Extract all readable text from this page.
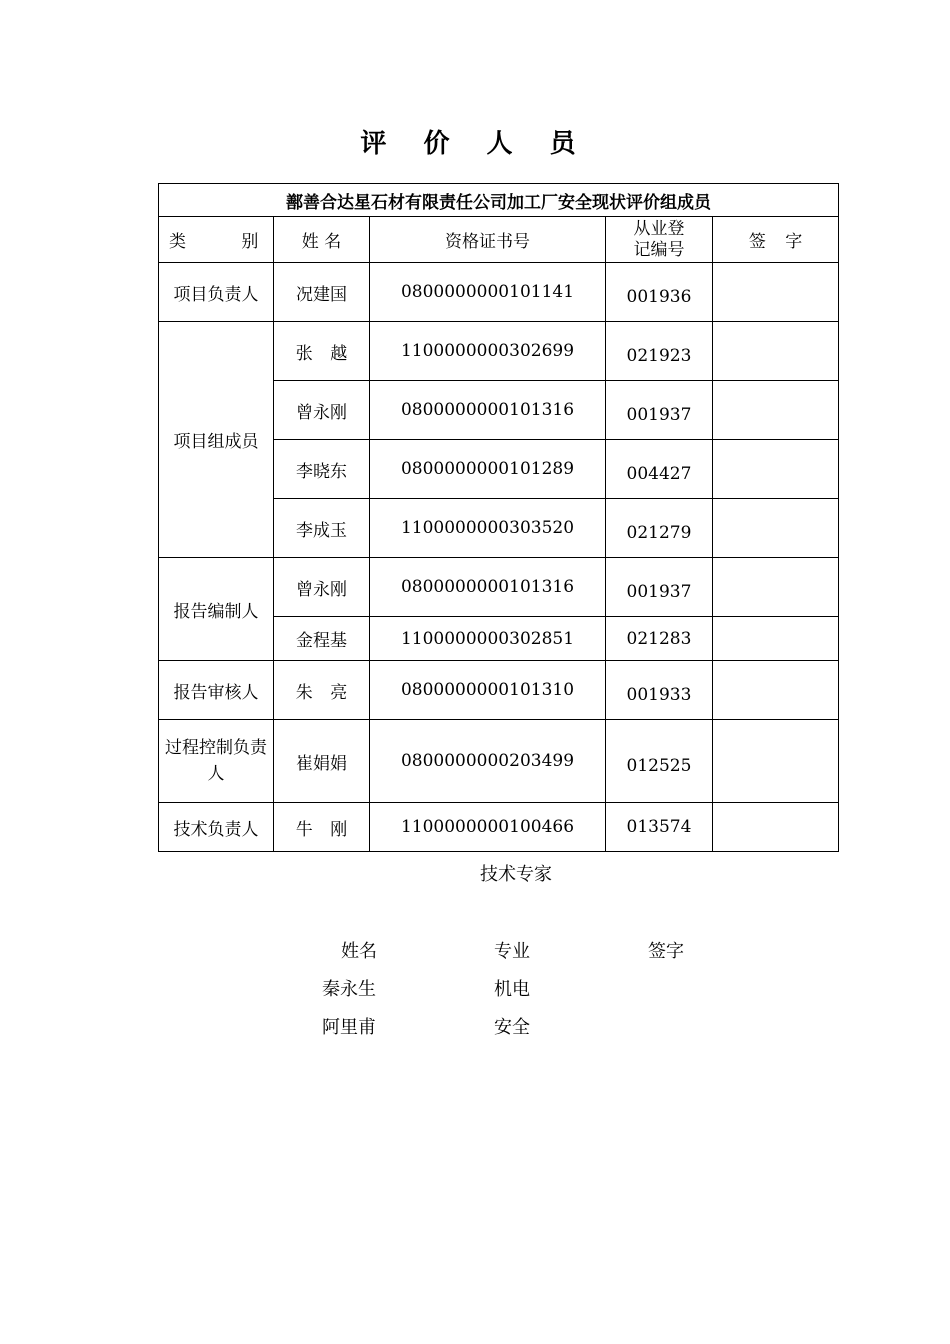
评 价 人 员
鄯善合达星石材有限责任公司加工厂安全现状评价组成员				
类 别	姓 名	资格证书号	从业登记编号	签 字
项目负责人	况建国	0800000000101141	001936	
项目组成员	张 越	1100000000302699	021923	
	曾永刚	0800000000101316	001937	
	李晓东	0800000000101289	004427	
	李成玉	1100000000303520	021279	
报告编制人	曾永刚	0800000000101316	001937	
	金程基	1100000000302851	021283	
报告审核人	朱 亮	0800000000101310	001933	
过程控制负责人	崔娟娟	0800000000203499	012525	
技术负责人	牛 刚	1100000000100466	013574	
技术专家
姓名	专业	签字
秦永生	机电
阿里甫	安全
